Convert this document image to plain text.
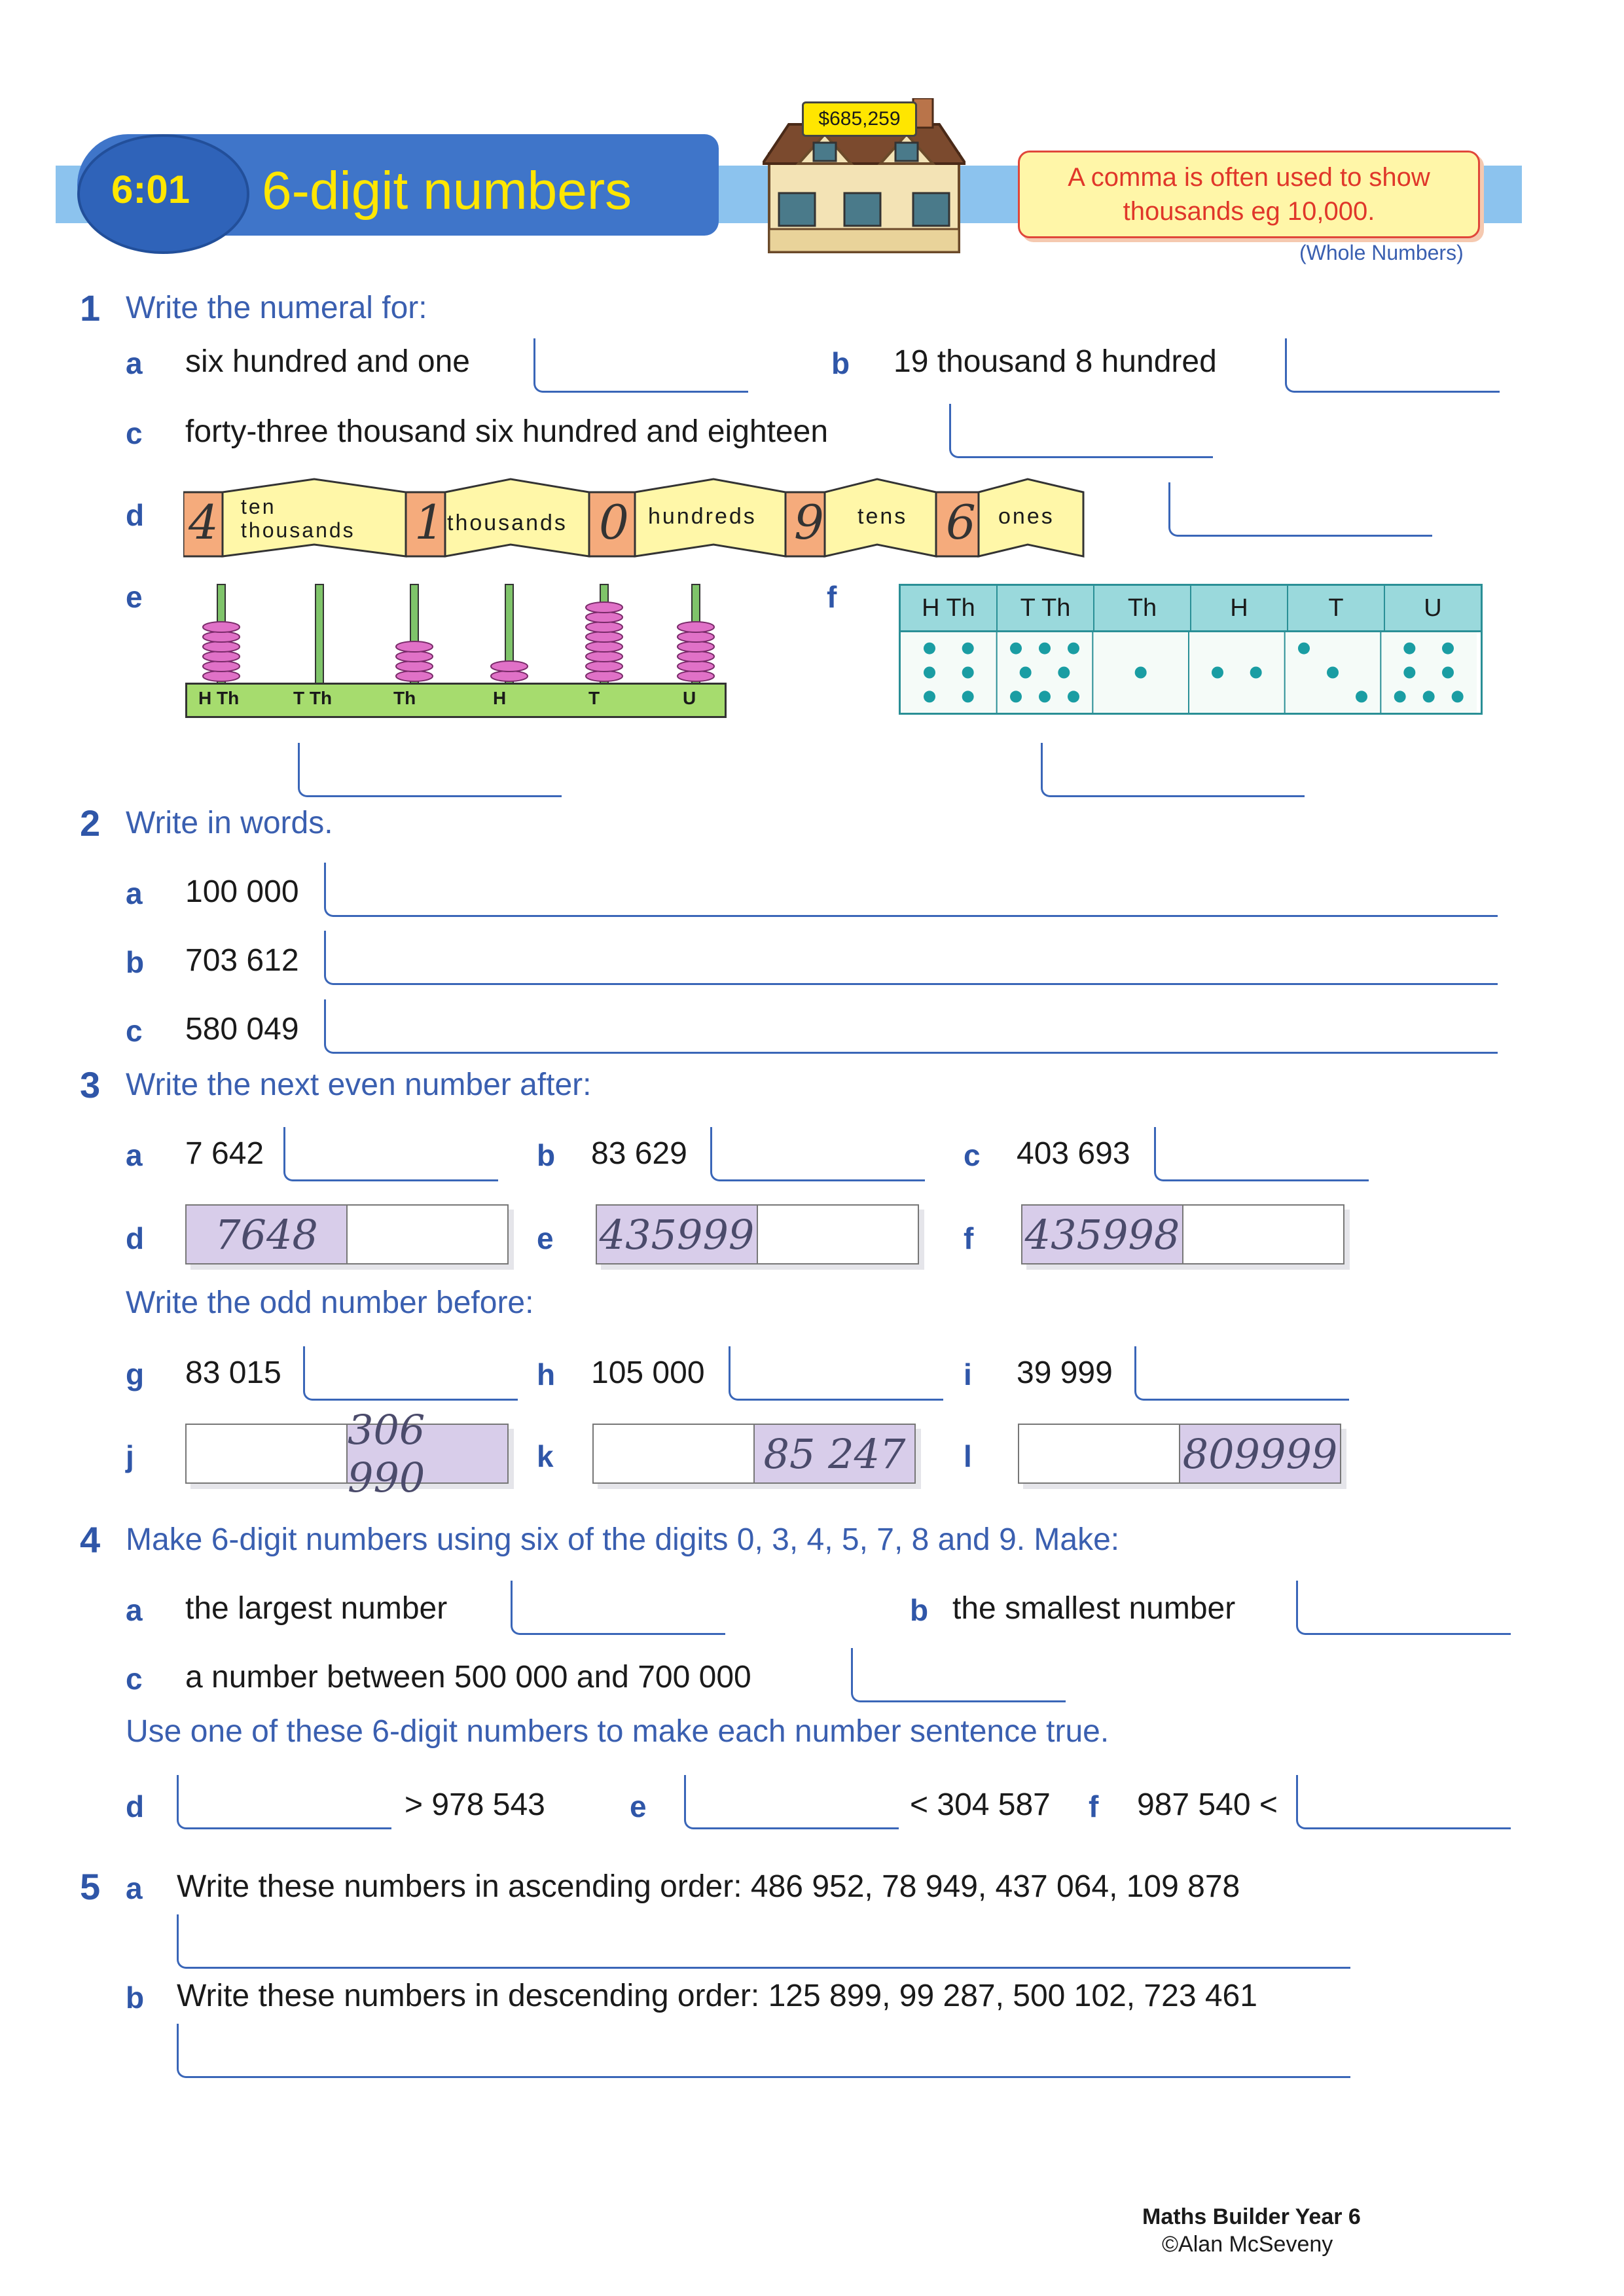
6:01 6-digit numbers
$685,259
A comma is often used to show thousands eg 10,000.
(Whole Numbers)
1 Write the numeral for:
a six hundred and one	b 19 thousand 8 hundred
c forty-three thousand six hundred and eighteen
d 4 ten thousands	1 thousands 0 hundreds 9 tens 6 ones
e
H Th	T Th	Th	H	T	U
f	H Th	T Th	Th	H	T	U
2 Write in words.
a 100 000
b 703 612
c 580 049
3 Write the next even number after:
a 7 642	b 83 629	c 403 693
d	7648	e 435999	f 435998
Write the odd number before:
g 83 015	h 105 000	i 39 999
j
306 990	k	85 247 l	809999
4 Make 6-digit numbers using six of the digits 0, 3, 4, 5, 7, 8 and 9. Make:
a the largest number	b the smallest number
c a number between 500 000 and 700 000
Use one of these 6-digit numbers to make each number sentence true.
d	> 978 543	e	< 304 587 f 987 540 <
5 a Write these numbers in ascending order: 486 952, 78 949, 437 064, 109 878
b Write these numbers in descending order: 125 899, 99 287, 500 102, 723 461
Maths Builder Year 6
©Alan McSeveny
